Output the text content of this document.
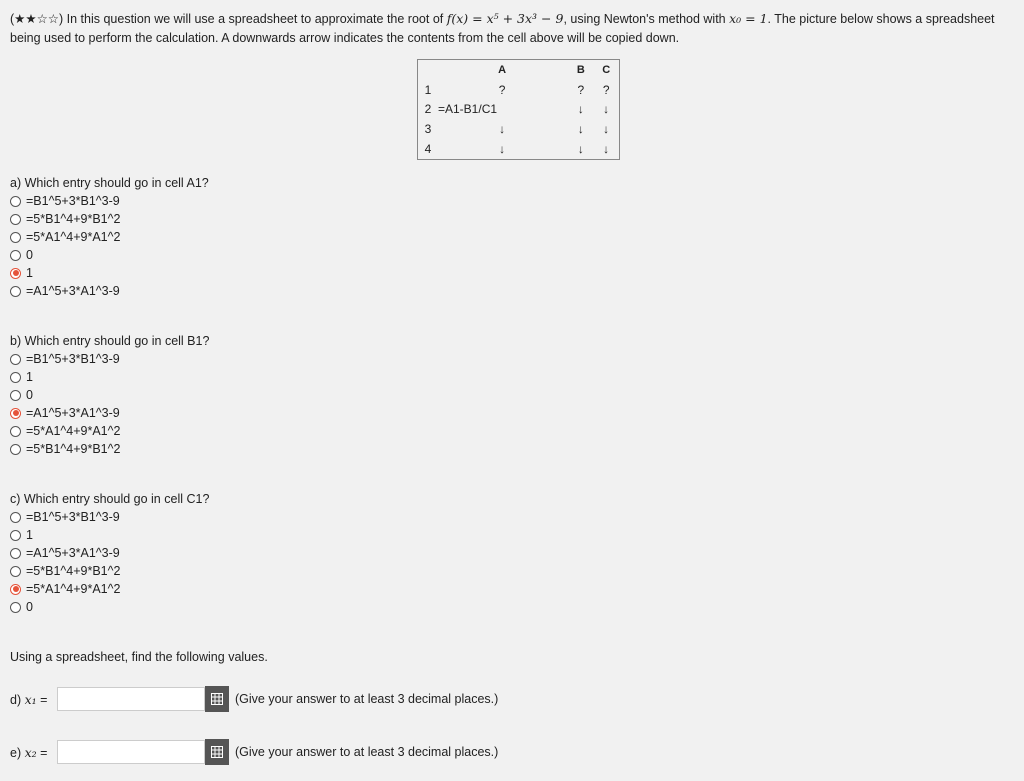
(★★☆☆) In this question we will use a spreadsheet to approximate the root of f(x) = x⁵ + 3x³ − 9, using Newton's method with x₀ = 1. The picture below shows a spreadsheet being used to perform the calculation. A downwards arrow indicates the contents from the cell above will be copied down.
	A	B	C
1	?	?	?
2	=A1-B1/C1	↓	↓
3	↓	↓	↓
4	↓	↓	↓
a) Which entry should go in cell A1?
=B1^5+3*B1^3-9
=5*B1^4+9*B1^2
=5*A1^4+9*A1^2
0
1
=A1^5+3*A1^3-9
b) Which entry should go in cell B1?
=B1^5+3*B1^3-9
1
0
=A1^5+3*A1^3-9
=5*A1^4+9*A1^2
=5*B1^4+9*B1^2
c) Which entry should go in cell C1?
=B1^5+3*B1^3-9
1
=A1^5+3*A1^3-9
=5*B1^4+9*B1^2
=5*A1^4+9*A1^2
0
Using a spreadsheet, find the following values.
d) x₁ =	(Give your answer to at least 3 decimal places.)
e) x₂ =	(Give your answer to at least 3 decimal places.)
